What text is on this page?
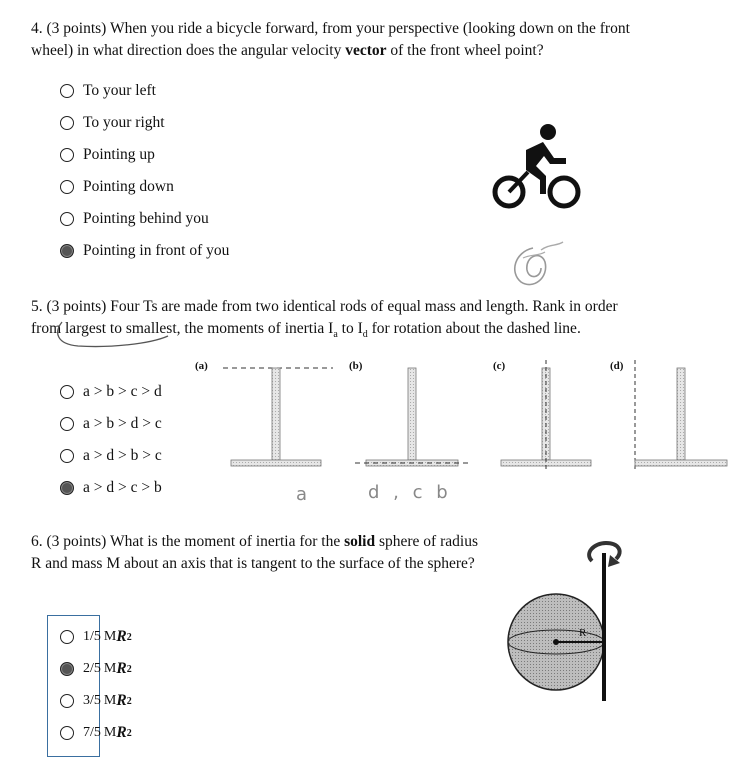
4. (3 points) When you ride a bicycle forward, from your perspective (looking down on the front
wheel) in what direction does the angular velocity vector of the front wheel point?
To your left
To your right
Pointing up
Pointing down
Pointing behind you
Pointing in front of you
5. (3 points) Four Ts are made from two identical rods of equal mass and length. Rank in order
from largest to smallest, the moments of inertia $I_a$ to $I_d$ for rotation about the dashed line.
a > b > c > d
a > b > d > c
a > d > b > c
a > d > c > b
(a)	(b)	(c)	(d)
a	d , c b
6. (3 points) What is the moment of inertia for the solid sphere of radius
R and mass M about an axis that is tangent to the surface of the sphere?
1/5 M R 2
2/5 M R 2
3/5 M R 2
7/5 M R 2
R
